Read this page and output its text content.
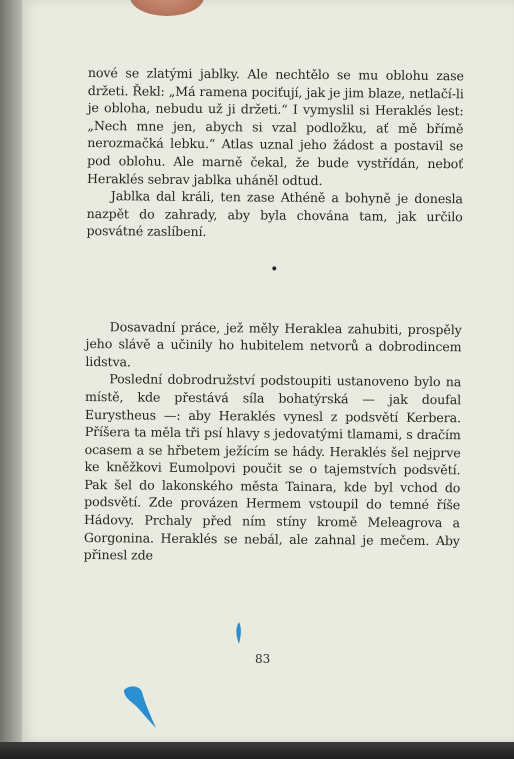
nové se zlatými jablky. Ale nechtělo se mu oblohu zase držeti. Řekl: „Má ramena pociťují, jak je jim blaze, netlačí-li je obloha, nebudu už ji držeti.“ I vymyslil si Heraklés lest: „Nech mne jen, abych si vzal podložku, ať mě břímě nerozmačká lebku.“ Atlas uznal jeho žádost a postavil se pod oblohu. Ale marně čekal, že bude vystřídán, neboť Heraklés sebrav jablka uháněl odtud.

Jablka dal králi, ten zase Athéně a bohyně je donesla nazpět do zahrady, aby byla chována tam, jak určilo posvátné zaslíbení.

•

Dosavadní práce, jež měly Heraklea zahubiti, prospěly jeho slávě a učinily ho hubitelem netvorů a dobrodincem lidstva.

Poslední dobrodružství podstoupiti ustanoveno bylo na místě, kde přestává síla bohatýrská — jak doufal Eurystheus —: aby Heraklés vynesl z podsvětí Kerbera. Příšera ta měla tři psí hlavy s jedovatými tlamami, s dračím ocasem a se hřbetem ježícím se hády. Heraklés šel nejprve ke kněžkovi Eumolpovi poučit se o tajemstvích podsvětí. Pak šel do lakonského města Tainara, kde byl vchod do podsvětí. Zde provázen Hermem vstoupil do temné říše Hádovy. Prchaly před ním stíny kromě Meleagrova a Gorgonina. Heraklés se nebál, ale zahnal je mečem. Aby přinesl zde

83
